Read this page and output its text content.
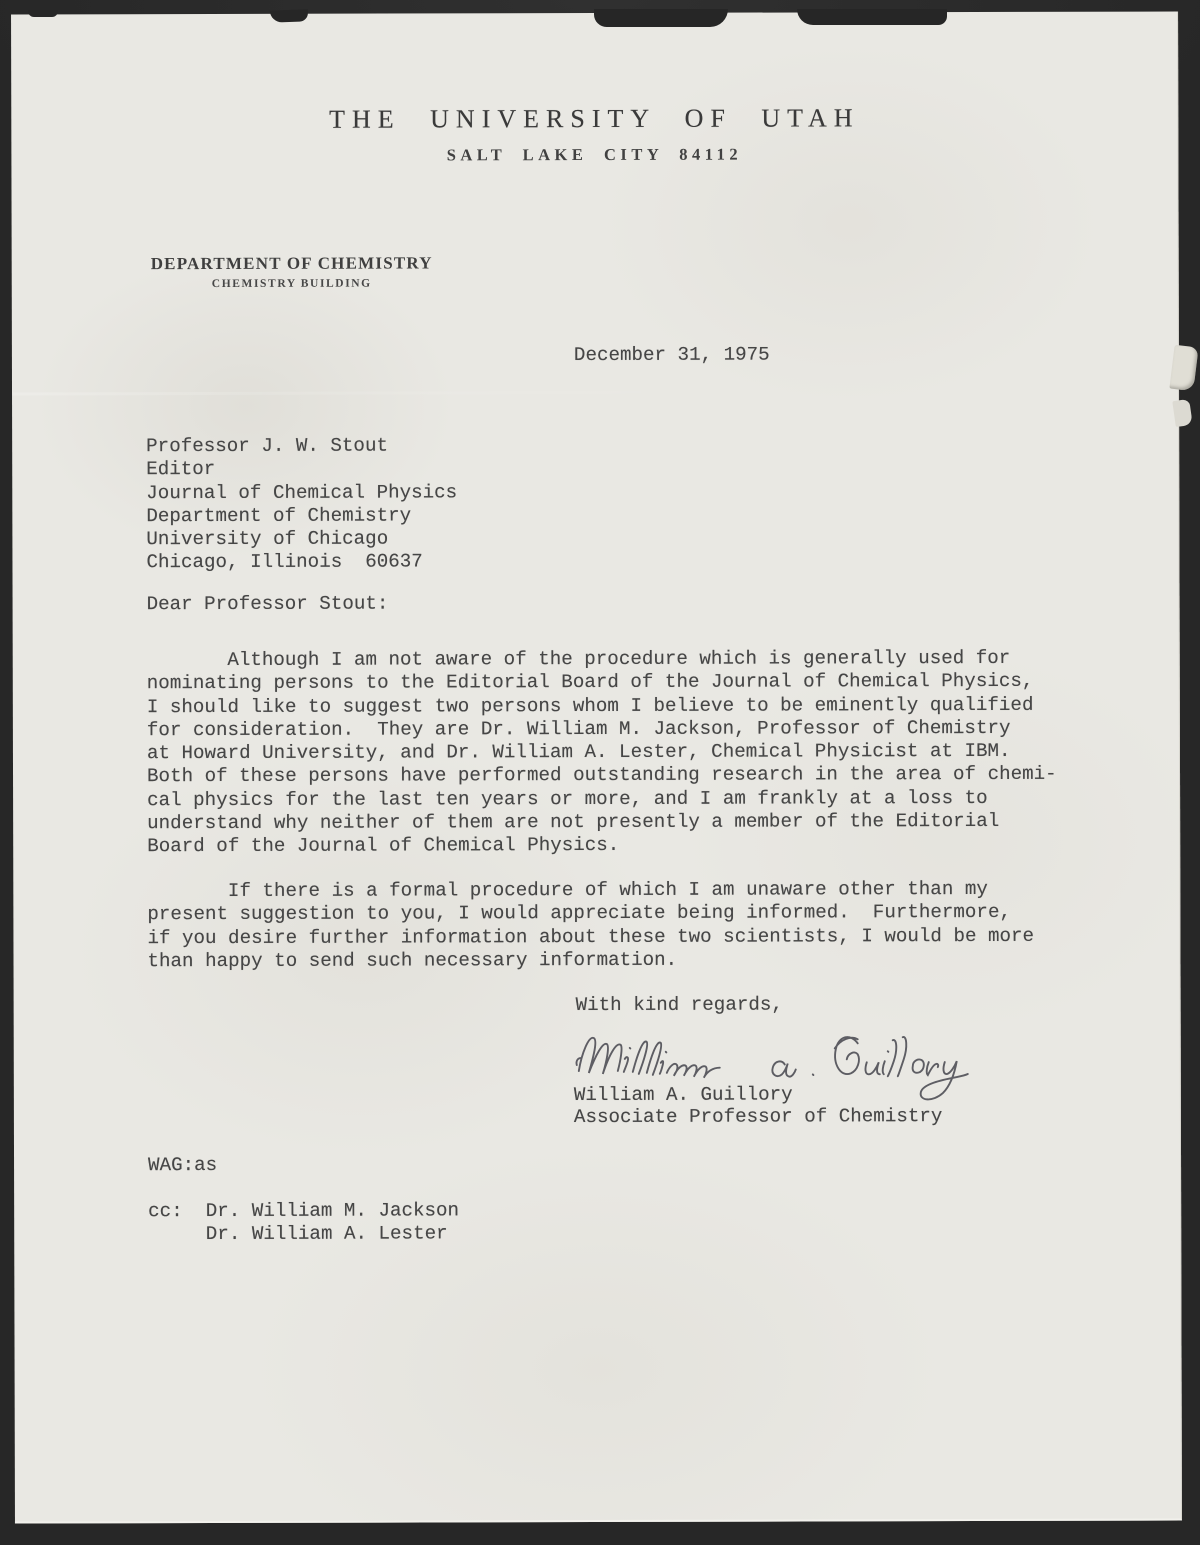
THE UNIVERSITY OF UTAH
SALT LAKE CITY 84112
DEPARTMENT OF CHEMISTRY
CHEMISTRY BUILDING
December 31, 1975
Professor J. W. Stout
Editor
Journal of Chemical Physics
Department of Chemistry
University of Chicago
Chicago, Illinois  60637
Dear Professor Stout:
Although I am not aware of the procedure which is generally used for
nominating persons to the Editorial Board of the Journal of Chemical Physics,
I should like to suggest two persons whom I believe to be eminently qualified
for consideration.  They are Dr. William M. Jackson, Professor of Chemistry
at Howard University, and Dr. William A. Lester, Chemical Physicist at IBM.
Both of these persons have performed outstanding research in the area of chemi-
cal physics for the last ten years or more, and I am frankly at a loss to
understand why neither of them are not presently a member of the Editorial
Board of the Journal of Chemical Physics.
If there is a formal procedure of which I am unaware other than my
present suggestion to you, I would appreciate being informed.  Furthermore,
if you desire further information about these two scientists, I would be more
than happy to send such necessary information.
With kind regards,
William A. Guillory
Associate Professor of Chemistry
WAG:as
cc:  Dr. William M. Jackson
Dr. William A. Lester
